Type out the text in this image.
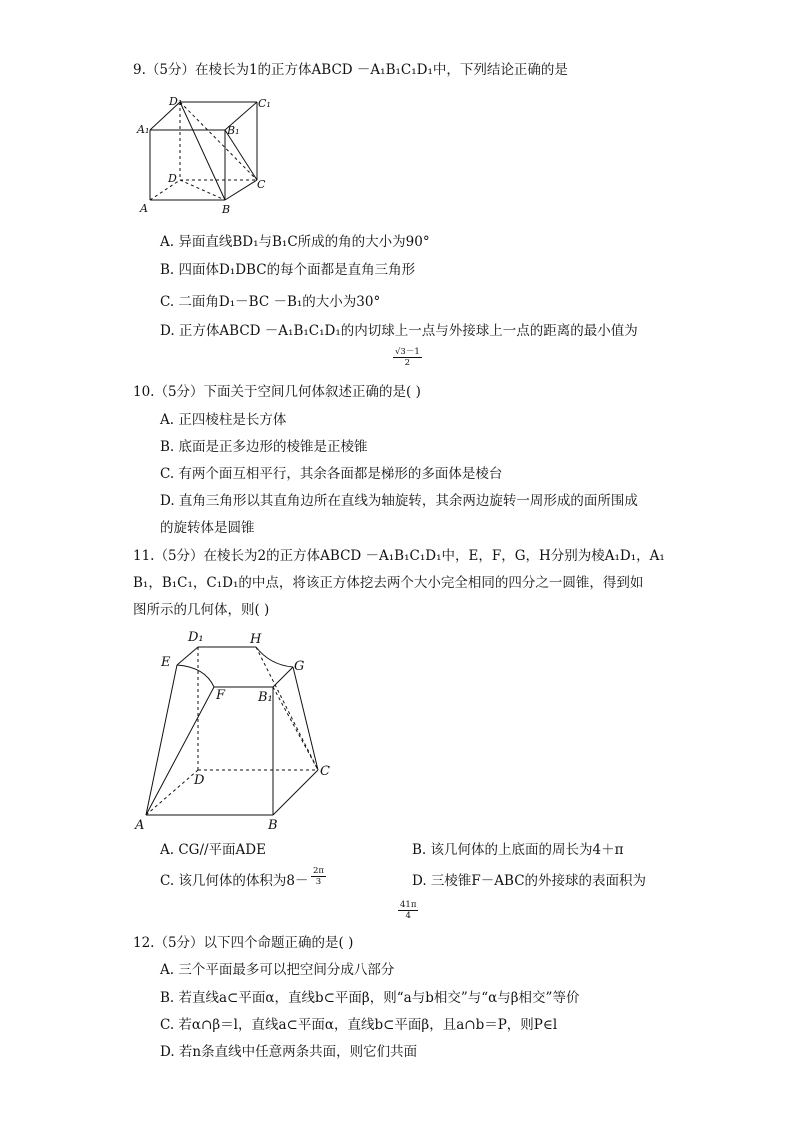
9.（5分）在棱长为1的正方体ABCD －A₁B₁C₁D₁中，下列结论正确的是
D₁	C₁
A₁	B₁
D	C
A	B
A. 异面直线BD₁与B₁C所成的角的大小为90°
B. 四面体D₁DBC的每个面都是直角三角形
C. 二面角D₁－BC －B₁的大小为30°
D. 正方体ABCD －A₁B₁C₁D₁的内切球上一点与外接球上一点的距离的最小值为
$\frac{√3-1}{2}$
10.（5分）下面关于空间几何体叙述正确的是( )
A. 正四棱柱是长方体
B. 底面是正多边形的棱锥是正棱锥
C. 有两个面互相平行，其余各面都是梯形的多面体是棱台
D. 直角三角形以其直角边所在直线为轴旋转，其余两边旋转一周形成的面所围成
的旋转体是圆锥
11.（5分）在棱长为2的正方体ABCD －A₁B₁C₁D₁中，E，F，G，H分别为棱A₁D₁，A₁
B₁，B₁C₁，C₁D₁的中点，将该正方体挖去两个大小完全相同的四分之一圆锥，得到如
图所示的几何体，则( )
D₁	H
E	G
F	B₁
D
C
A	B
A. CG//平面ADE	B. 该几何体的上底面的周长为4＋π
C. 该几何体的体积为$8- \frac{2\pi}{3}$	D. 三棱锥F－ABC的外接球的表面积为
$\frac{41\pi}{4}$
12.（5分）以下四个命题正确的是( )
A. 三个平面最多可以把空间分成八部分
B. 若直线a⊂平面α，直线b⊂平面β，则“a与b相交”与“α与β相交”等价
C. 若α∩β＝l，直线a⊂平面α，直线b⊂平面β，且a∩b＝P，则P∈l
D. 若n条直线中任意两条共面，则它们共面
